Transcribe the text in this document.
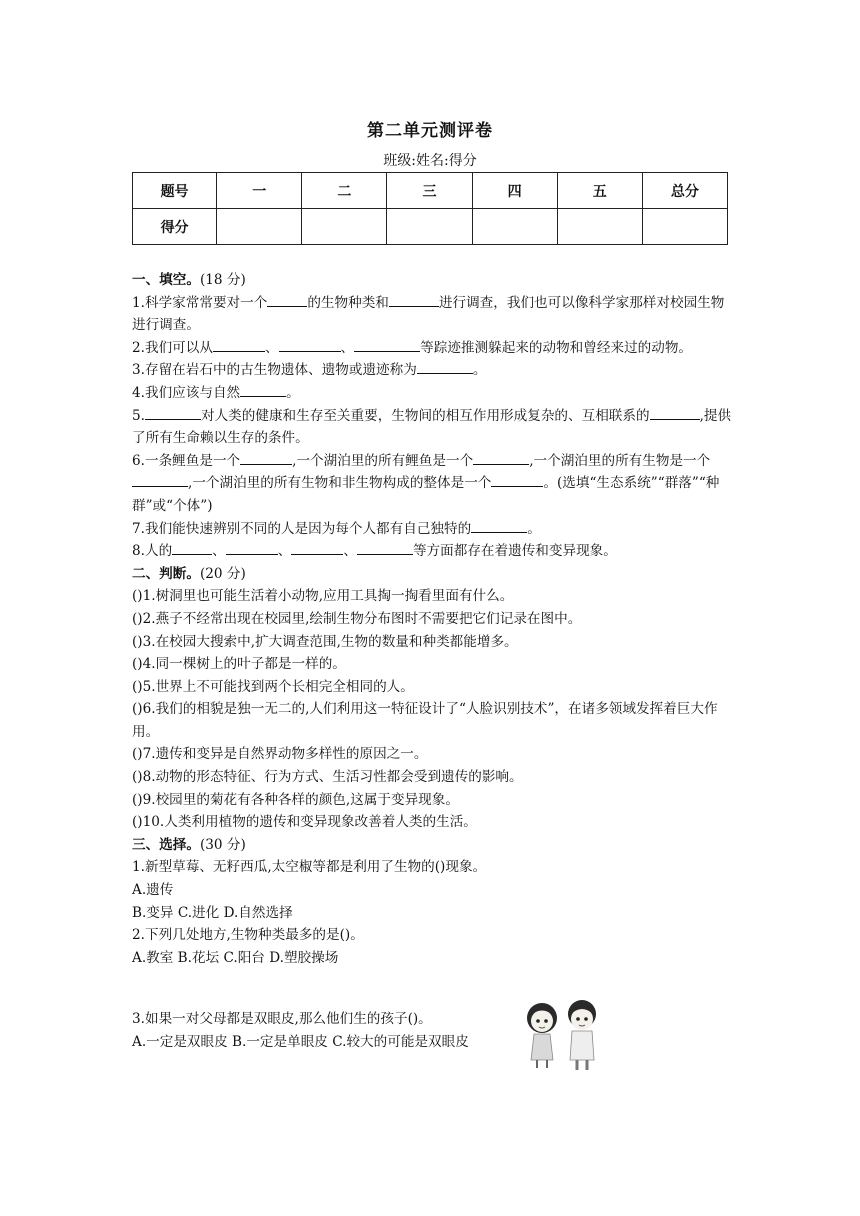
第二单元测评卷
班级:姓名:得分
题号	一	二	三	四	五	总分
得分						

一、填空。(18 分)

1.科学家常常要对一个	的生物种类和	进行调查，我们也可以像科学家那样对校园生物进行调查。

2.我们可以从	、	、	等踪迹推测躲起来的动物和曾经来过的动物。

3.存留在岩石中的古生物遗体、遗物或遗迹称为	。

4.我们应该与自然	。

5.	对人类的健康和生存至关重要，生物间的相互作用形成复杂的、互相联系的	,提供了所有生命赖以生存的条件。

6.一条鲤鱼是一个	,一个湖泊里的所有鲤鱼是一个	,一个湖泊里的所有生物是一个,一个湖泊里的所有生物和非生物构成的整体是一个	。(选填“生态系统”“群落”“种群”或“个体”)

7.我们能快速辨别不同的人是因为每个人都有自己独特的	。

8.人的	、	、	、	等方面都存在着遗传和变异现象。

二、判断。(20 分)

()1.树洞里也可能生活着小动物,应用工具掏一掏看里面有什么。

()2.燕子不经常出现在校园里,绘制生物分布图时不需要把它们记录在图中。

()3.在校园大搜索中,扩大调查范围,生物的数量和种类都能增多。

()4.同一棵树上的叶子都是一样的。

()5.世界上不可能找到两个长相完全相同的人。

()6.我们的相貌是独一无二的,人们利用这一特征设计了“人脸识别技术”，在诸多领域发挥着巨大作用。

()7.遗传和变异是自然界动物多样性的原因之一。

()8.动物的形态特征、行为方式、生活习性都会受到遗传的影响。

()9.校园里的菊花有各种各样的颜色,这属于变异现象。

()10.人类利用植物的遗传和变异现象改善着人类的生活。

三、选择。(30 分)

1.新型草莓、无籽西瓜,太空椒等都是利用了生物的()现象。

A.遗传

B.变异 C.进化 D.自然选择

2.下列几处地方,生物种类最多的是()。

A.教室 B.花坛 C.阳台 D.塑胶操场

3.如果一对父母都是双眼皮,那么他们生的孩子()。

A.一定是双眼皮 B.一定是单眼皮 C.较大的可能是双眼皮
